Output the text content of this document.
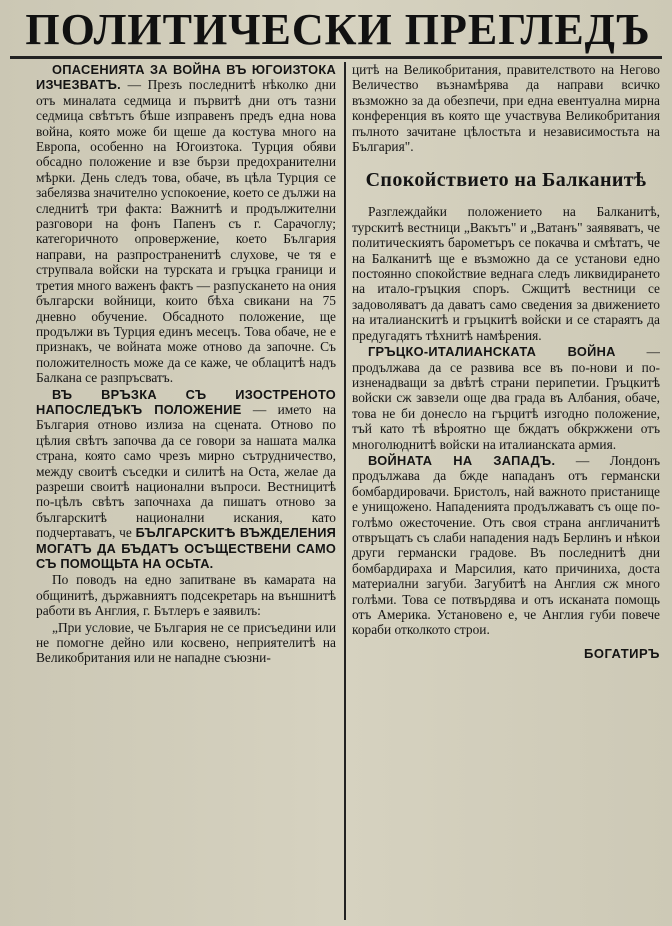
ПОЛИТИЧЕСКИ ПРЕГЛЕДЪ

ОПАСЕНИЯТА ЗА ВОЙНА ВЪ ЮГОИЗТОКА ИЗЧЕЗВАТЪ. — Презъ последнитѣ нѣколко дни отъ миналата седмица и първитѣ дни отъ тазни седмица свѣтътъ бѣше изправенъ предъ една нова война, която може би щеше да костува много на Европа, особенно на Югоизтока. Турция обяви обсадно положение и взе бързи предохранителни мѣрки. День следъ това, обаче, въ цѣла Турция се забелязва значително успокоение, което се дължи на следнитѣ три факта: Важнитѣ и продължителни разговори на фонъ Папенъ съ г. Сарачоглу; категоричното опровержение, което България направи, на разпространенитѣ слухове, че тя е струпвала войски на турската и гръцка граници и третия много важенъ фактъ — разпускането на ония български войници, които бѣха свикани на 75 дневно обучение. Обсадното положение, ще продължи въ Турция единъ месецъ. Това обаче, не е признакъ, че войната може отново да започне. Съ положителность може да се каже, че облацитѣ надъ Балкана се разпръсватъ.

ВЪ ВРЪЗКА СЪ ИЗОСТРЕНОТО НАПОСЛЕДЪКЪ ПОЛОЖЕНИЕ — името на България отново излиза на сцената. Отново по цѣлия свѣтъ започва да се говори за нашата малка страна, която само чрезъ мирно сътрудничество, между своитѣ съседки и силитѣ на Оста, желае да разреши своитѣ национални въпроси. Вестницитѣ по-цѣлъ свѣтъ започнаха да пишатъ отново за българскитѣ национални искания, като подчертаватъ, че БЪЛГАРСКИТѢ ВЪЖДЕЛЕНИЯ МОГАТЪ ДА БЪДАТЪ ОСЪЩЕСТВЕНИ САМО СЪ ПОМОЩЬТА НА ОСЬТА.

По поводъ на едно запитване въ камарата на общинитѣ, държавниятъ подсекретарь на външнитѣ работи въ Англия, г. Бътлеръ е заявилъ:

„При условие, че България не се присъедини или не помогне дейно или косвено, неприятелитѣ на Великобритания или не нападне съюзни-

цитѣ на Великобритания, правителството на Негово Величество възнамѣрява да направи всичко възможно за да обезпечи, при една евентуална мирна конференция въ която ще участвува Великобритания пълното зачитане цѣлостьта и независимостьта на България".

Спокойствието на Балканитѣ

Разглеждайки положението на Балканитѣ, турскитѣ вестници „Вакътъ" и „Ватанъ" заявяватъ, че политическиятъ барометъръ се покачва и смѣтатъ, че на Балканитѣ ще е възможно да се установи едно постоянно спокойствие веднага следъ ликвидирането на итало-гръцкия споръ. Сжщитѣ вестници се задоволяватъ да даватъ само сведения за движението на италианскитѣ и гръцкитѣ войски и се стараятъ да предугадятъ тѣхнитѣ намѣрения.

ГРЪЦКО-ИТАЛИАНСКАТА ВОЙНА — продължава да се развива все въ по-нови и по-изненадващи за двѣтѣ страни перипетии. Гръцкитѣ войски сж завзели още два града въ Албания, обаче, това не би донесло на гърцитѣ изгодно положение, тъй като тѣ вѣроятно ще бждатъ обкржжени отъ многолюднитѣ войски на италианската армия.

ВОЙНАТА НА ЗАПАДЪ. — Лондонъ продължава да бжде нападанъ отъ германски бомбардировачи. Бристолъ, най важното пристанище е унищожено. Нападенията продължаватъ съ още по-голѣмо ожесточение. Отъ своя страна англичанитѣ отвръщатъ съ слаби нападения надъ Берлинъ и нѣкои други германски градове. Въ последнитѣ дни бомбардираха и Марсилия, като причиниха, доста материални загуби. Загубитѣ на Англия сж много голѣми. Това се потвърдява и отъ исканата помощь отъ Америка. Установено е, че Англия губи повече кораби отколкото строи.

БОГАТИРЪ
